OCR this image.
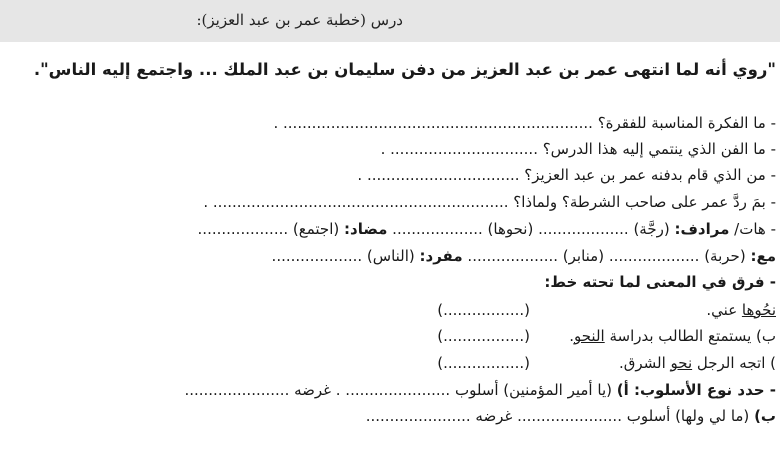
درس (خطبة عمر بن عبد العزيز):
"روي أنه لما انتهى عمر بن عبد العزيز من دفن سليمان بن عبد الملك ... واجتمع إليه الناس".
- ما الفكرة المناسبة للفقرة؟ ................................................................. .
- ما الفن الذي ينتمي إليه هذا الدرس؟ ............................... .
- من الذي قام بدفنه عمر بن عبد العزيز؟ ................................ .
- بمَ ردَّ عمر على صاحب الشرطة؟ ولماذا؟ .............................................................. .
- هات/ مرادف: (رجَّة) ................... (نحوها) ................... مضاد: (اجتمع) ...................
مع: (حربة) ................... (منابر) ................... مفرد: (الناس) ...................
- فرق في المعنى لما تحته خط:
نحُوها عني.
(.................)
ب) يستمتع الطالب بدراسة النحو.
(.................)
) اتجه الرجل نحو الشرق.
(.................)
- حدد نوع الأسلوب: أ) (يا أمير المؤمنين) أسلوب ...................... . غرضه ......................
ب) (ما لي ولها) أسلوب ...................... غرضه ......................
